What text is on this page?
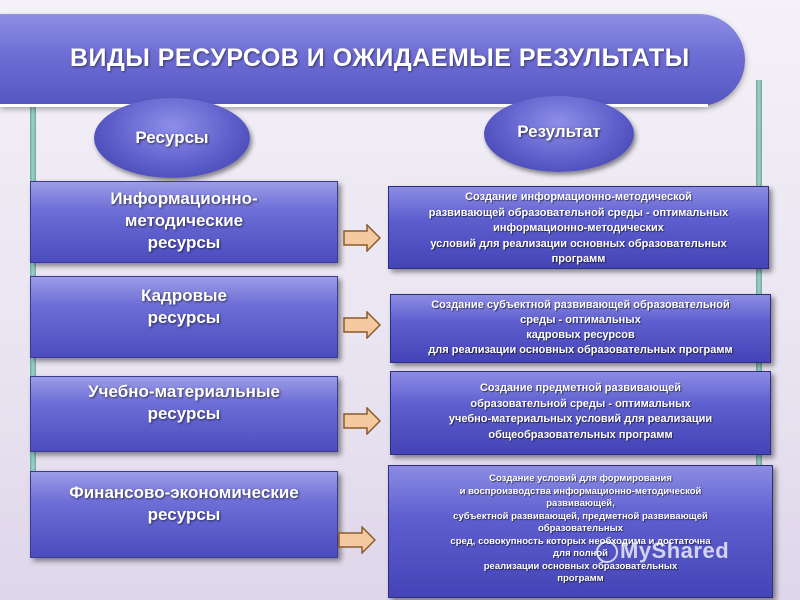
ВИДЫ РЕСУРСОВ И ОЖИДАЕМЫЕ РЕЗУЛЬТАТЫ
Ресурсы	Результат
Информационно-
методические
ресурсы
Кадровые
ресурсы
Учебно-материальные
ресурсы
Финансово-экономические
ресурсы
Создание информационно-методической
развивающей образовательной среды - оптимальных
информационно-методических
условий для реализации основных образовательных
программ
Создание субъектной развивающей образовательной
среды - оптимальных
кадровых ресурсов
для реализации основных образовательных программ
Создание предметной развивающей
образовательной среды - оптимальных
учебно-материальных условий для реализации
общеобразовательных программ
Создание условий для формирования
и воспроизводства информационно-методической
развивающей,
субъектной развивающей, предметной развивающей
образовательных
сред, совокупность которых необходима и достаточна
для полной
реализации основных образовательных
программ
MyShared
